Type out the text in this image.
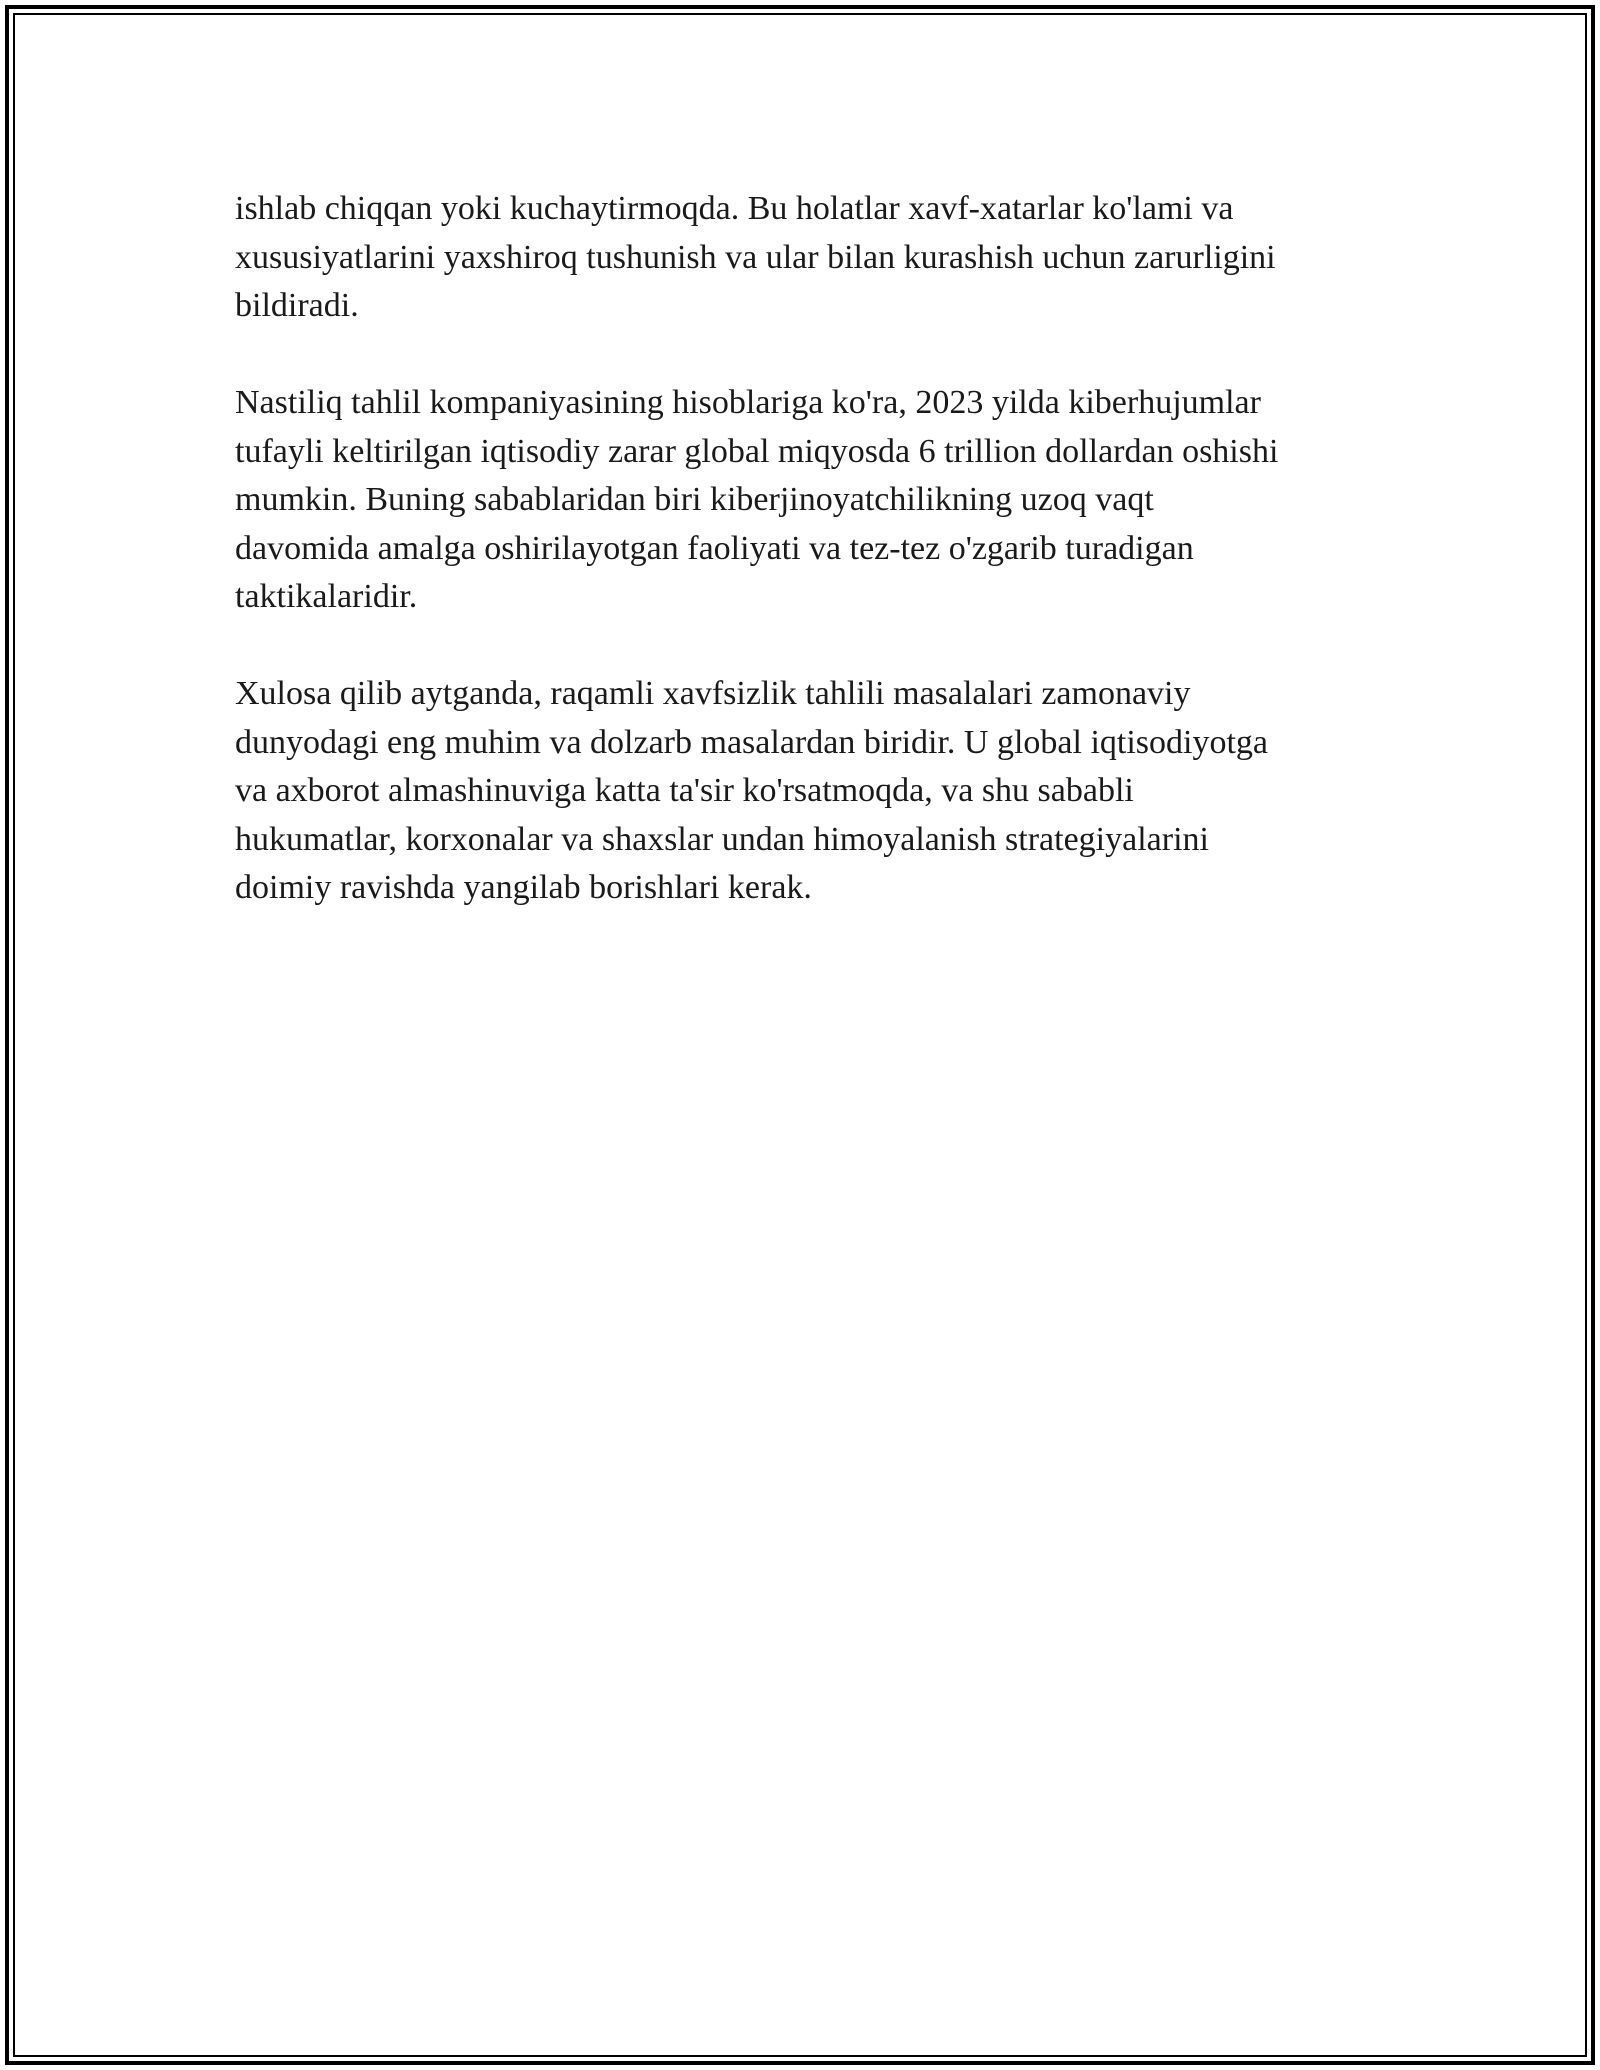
ishlab chiqqan yoki kuchaytirmoqda. Bu holatlar xavf-xatarlar ko'lami va
xususiyatlarini yaxshiroq tushunish va ular bilan kurashish uchun zarurligini
bildiradi.

Nastiliq tahlil kompaniyasining hisoblariga ko'ra, 2023 yilda kiberhujumlar
tufayli keltirilgan iqtisodiy zarar global miqyosda 6 trillion dollardan oshishi
mumkin. Buning sabablaridan biri kiberjinoyatchilikning uzoq vaqt
davomida amalga oshirilayotgan faoliyati va tez-tez o'zgarib turadigan
taktikalaridir.

Xulosa qilib aytganda, raqamli xavfsizlik tahlili masalalari zamonaviy
dunyodagi eng muhim va dolzarb masalardan biridir. U global iqtisodiyotga
va axborot almashinuviga katta ta'sir ko'rsatmoqda, va shu sababli
hukumatlar, korxonalar va shaxslar undan himoyalanish strategiyalarini
doimiy ravishda yangilab borishlari kerak.
